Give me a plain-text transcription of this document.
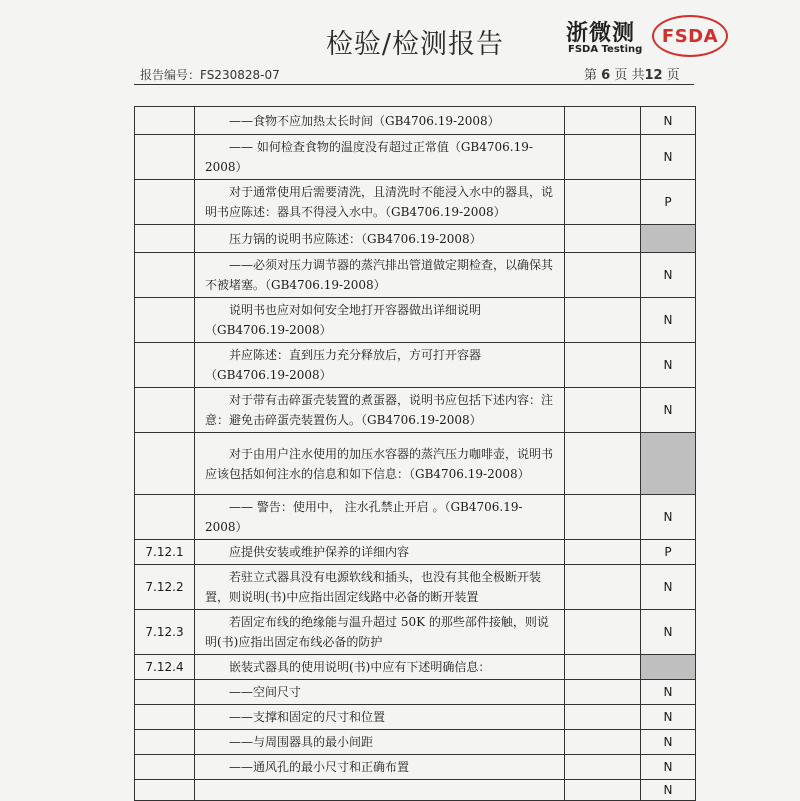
检验/检测报告	浙微测
FSDA Testing
FSDA
报告编号：FS230828-07	第 6 页 共12 页
	——食物不应加热太长时间（GB4706.19-2008）		N
	—— 如何检查食物的温度没有超过正常值（GB4706.19-2008）		N
	对于通常使用后需要清洗，且清洗时不能浸入水中的器具，说明书应陈述：器具不得浸入水中。（GB4706.19-2008）		P
	压力锅的说明书应陈述：（GB4706.19-2008）		
	——必须对压力调节器的蒸汽排出管道做定期检查，以确保其不被堵塞。（GB4706.19-2008）		N
	说明书也应对如何安全地打开容器做出详细说明（GB4706.19-2008）		N
	并应陈述：直到压力充分释放后，方可打开容器（GB4706.19-2008）		N
	对于带有击碎蛋壳装置的煮蛋器，说明书应包括下述内容：注意：避免击碎蛋壳装置伤人。（GB4706.19-2008）		N
	对于由用户注水使用的加压水容器的蒸汽压力咖啡壶，说明书应该包括如何注水的信息和如下信息：（GB4706.19-2008）		
	—— 警告：使用中， 注水孔禁止开启 。（GB4706.19-2008）		N
7.12.1	应提供安装或维护保养的详细内容		P
7.12.2	若驻立式器具没有电源软线和插头，也没有其他全极断开装置，则说明(书)中应指出固定线路中必备的断开装置		N
7.12.3	若固定布线的绝缘能与温升超过 50K 的那些部件接触，则说明(书)应指出固定布线必备的防护		N
7.12.4	嵌装式器具的使用说明(书)中应有下述明确信息：		
	——空间尺寸		N
	——支撑和固定的尺寸和位置		N
	——与周围器具的最小间距		N
	——通风孔的最小尺寸和正确布置		N
			N
